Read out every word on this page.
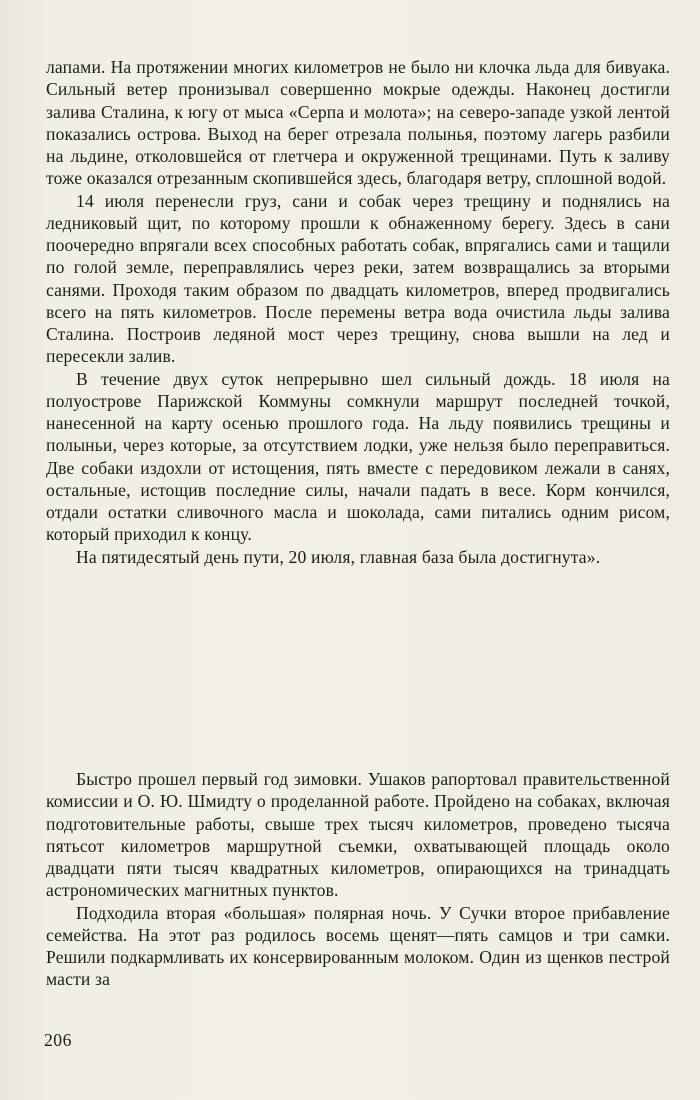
лапами. На протяжении многих километров не было ни клочка льда для бивуака. Сильный ветер пронизывал совершенно мокрые одежды. Наконец достигли залива Сталина, к югу от мыса «Серпа и молота»; на северо-западе узкой лентой показались острова. Выход на берег отрезала полынья, поэтому лагерь разбили на льдине, отколовшейся от глетчера и окруженной трещинами. Путь к заливу тоже оказался отрезанным скопившейся здесь, благодаря ветру, сплошной водой.

14 июля перенесли груз, сани и собак через трещину и поднялись на ледниковый щит, по которому прошли к обнаженному берегу. Здесь в сани поочередно впрягали всех способных работать собак, впрягались сами и тащили по голой земле, переправлялись через реки, затем возвращались за вторыми санями. Проходя таким образом по двадцать километров, вперед продвигались всего на пять километров. После перемены ветра вода очистила льды залива Сталина. Построив ледяной мост через трещину, снова вышли на лед и пересекли залив.

В течение двух суток непрерывно шел сильный дождь. 18 июля на полуострове Парижской Коммуны сомкнули маршрут последней точкой, нанесенной на карту осенью прошлого года. На льду появились трещины и полыньи, через которые, за отсутствием лодки, уже нельзя было переправиться. Две собаки издохли от истощения, пять вместе с передовиком лежали в санях, остальные, истощив последние силы, начали падать в весе. Корм кончился, отдали остатки сливочного масла и шоколада, сами питались одним рисом, который приходил к концу.

На пятидесятый день пути, 20 июля, главная база была достигнута».

Быстро прошел первый год зимовки. Ушаков рапортовал правительственной комиссии и О. Ю. Шмидту о проделанной работе. Пройдено на собаках, включая подготовительные работы, свыше трех тысяч километров, проведено тысяча пятьсот километров маршрутной съемки, охватывающей площадь около двадцати пяти тысяч квадратных километров, опирающихся на тринадцать астрономических магнитных пунктов.

Подходила вторая «большая» полярная ночь. У Сучки второе прибавление семейства. На этот раз родилось восемь щенят—пять самцов и три самки. Решили подкармливать их консервированным молоком. Один из щенков пестрой масти за

206
